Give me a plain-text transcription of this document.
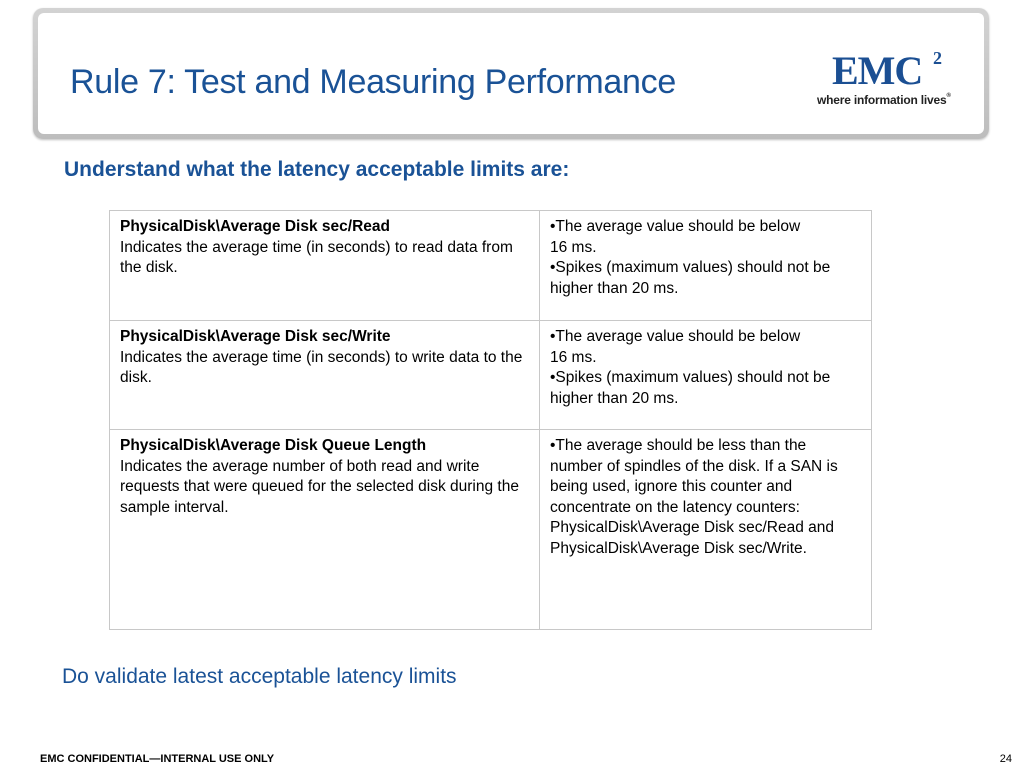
Rule 7: Test and Measuring Performance	EMC 2
where information lives®
Understand what the latency acceptable limits are:
PhysicalDisk\Average Disk sec/Read
Indicates the average time (in seconds) to read data from the disk.	•The average value should be below
16 ms.
•Spikes (maximum values) should not be
higher than 20 ms.

PhysicalDisk\Average Disk sec/Write
Indicates the average time (in seconds) to write data to the disk.	•The average value should be below
16 ms.
•Spikes (maximum values) should not be
higher than 20 ms.

PhysicalDisk\Average Disk Queue Length
Indicates the average number of both read and write requests that were queued for the selected disk during the sample interval.	•The average should be less than the number of spindles of the disk. If a SAN is being used, ignore this counter and concentrate on the latency counters: PhysicalDisk\Average Disk sec/Read and PhysicalDisk\Average Disk sec/Write.
Do validate latest acceptable latency limits
EMC CONFIDENTIAL—INTERNAL USE ONLY	24
